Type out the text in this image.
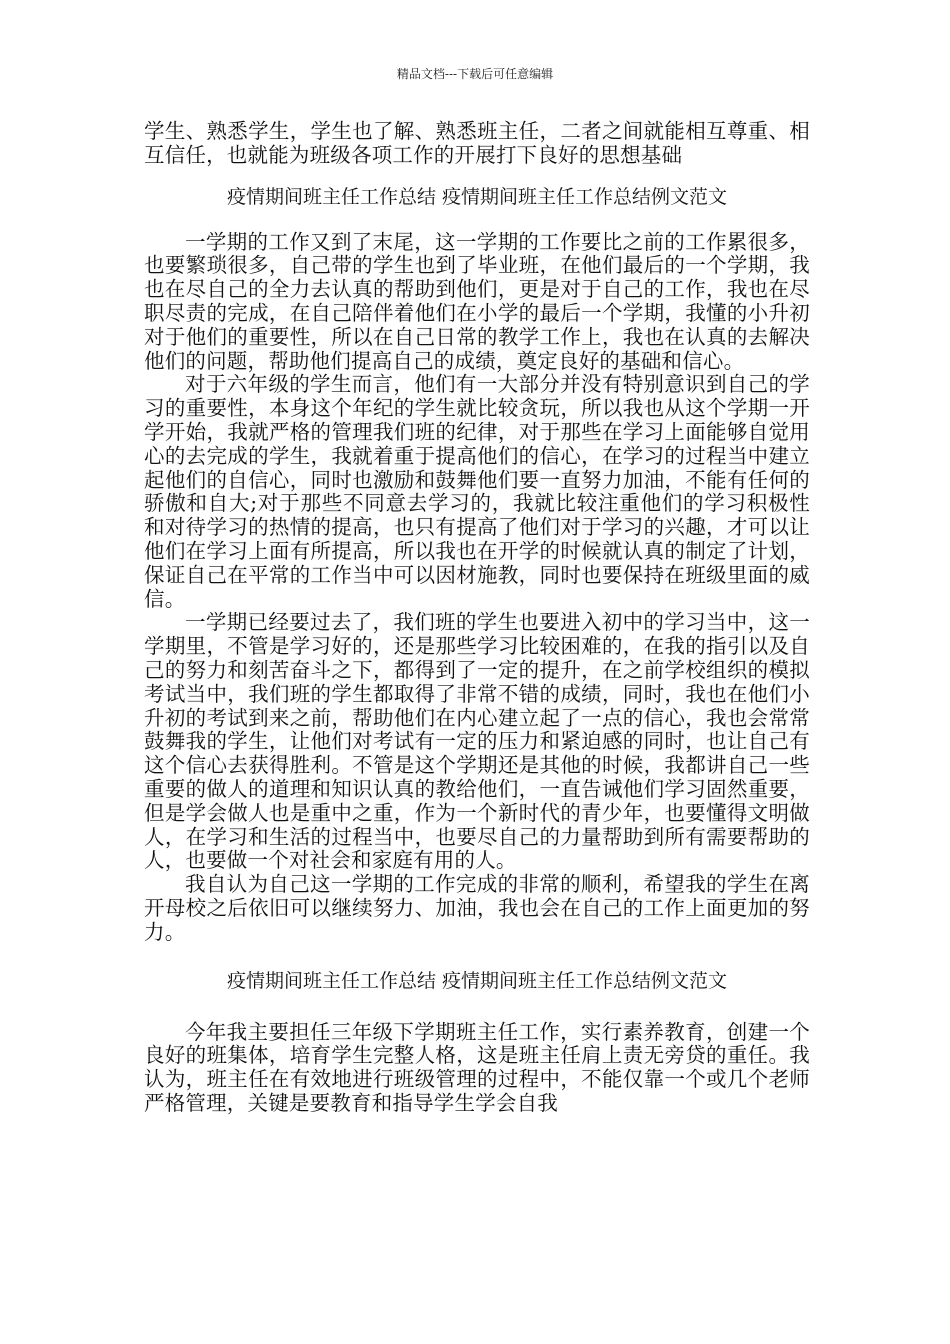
精品文档---下载后可任意编辑

学生、熟悉学生，学生也了解、熟悉班主任，二者之间就能相互尊重、相互信任，也就能为班级各项工作的开展打下良好的思想基础

疫情期间班主任工作总结 疫情期间班主任工作总结例文范文

一学期的工作又到了末尾，这一学期的工作要比之前的工作累很多，也要繁琐很多，自己带的学生也到了毕业班，在他们最后的一个学期，我也在尽自己的全力去认真的帮助到他们，更是对于自己的工作，我也在尽职尽责的完成，在自己陪伴着他们在小学的最后一个学期，我懂的小升初对于他们的重要性，所以在自己日常的教学工作上，我也在认真的去解决他们的问题，帮助他们提高自己的成绩，奠定良好的基础和信心。

对于六年级的学生而言，他们有一大部分并没有特别意识到自己的学习的重要性，本身这个年纪的学生就比较贪玩，所以我也从这个学期一开学开始，我就严格的管理我们班的纪律，对于那些在学习上面能够自觉用心的去完成的学生，我就着重于提高他们的信心，在学习的过程当中建立起他们的自信心，同时也激励和鼓舞他们要一直努力加油，不能有任何的骄傲和自大;对于那些不同意去学习的，我就比较注重他们的学习积极性和对待学习的热情的提高，也只有提高了他们对于学习的兴趣，才可以让他们在学习上面有所提高，所以我也在开学的时候就认真的制定了计划，保证自己在平常的工作当中可以因材施教，同时也要保持在班级里面的威信。

一学期已经要过去了，我们班的学生也要进入初中的学习当中，这一学期里，不管是学习好的，还是那些学习比较困难的，在我的指引以及自己的努力和刻苦奋斗之下，都得到了一定的提升，在之前学校组织的模拟考试当中，我们班的学生都取得了非常不错的成绩，同时，我也在他们小升初的考试到来之前，帮助他们在内心建立起了一点的信心，我也会常常鼓舞我的学生，让他们对考试有一定的压力和紧迫感的同时，也让自己有这个信心去获得胜利。不管是这个学期还是其他的时候，我都讲自己一些重要的做人的道理和知识认真的教给他们，一直告诫他们学习固然重要，但是学会做人也是重中之重，作为一个新时代的青少年，也要懂得文明做人，在学习和生活的过程当中，也要尽自己的力量帮助到所有需要帮助的人，也要做一个对社会和家庭有用的人。

我自认为自己这一学期的工作完成的非常的顺利，希望我的学生在离开母校之后依旧可以继续努力、加油，我也会在自己的工作上面更加的努力。

疫情期间班主任工作总结 疫情期间班主任工作总结例文范文

今年我主要担任三年级下学期班主任工作，实行素养教育，创建一个良好的班集体，培育学生完整人格，这是班主任肩上责无旁贷的重任。我认为，班主任在有效地进行班级管理的过程中，不能仅靠一个或几个老师严格管理，关键是要教育和指导学生学会自我
